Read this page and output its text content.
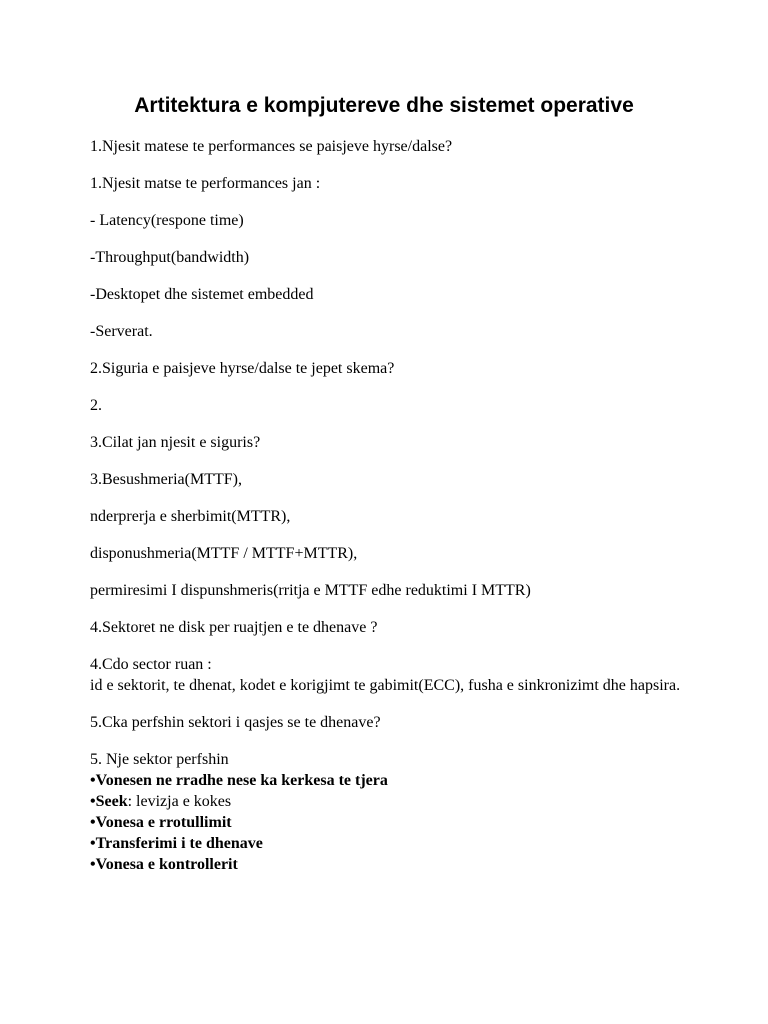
Artitektura e kompjutereve dhe sistemet operative

1.Njesit matese te performances se paisjeve hyrse/dalse?

1.Njesit matse te performances jan :

- Latency(respone time)

-Throughput(bandwidth)

-Desktopet dhe sistemet embedded

-Serverat.

2.Siguria e paisjeve hyrse/dalse te jepet skema?

2.

3.Cilat jan njesit e siguris?

3.Besushmeria(MTTF),

nderprerja e sherbimit(MTTR),

disponushmeria(MTTF / MTTF+MTTR),

permiresimi I dispunshmeris(rritja e MTTF edhe reduktimi I MTTR)

4.Sektoret ne disk per ruajtjen e te dhenave ?

4.Cdo sector ruan :
id e sektorit, te dhenat, kodet e korigjimt te gabimit(ECC), fusha e sinkronizimt dhe hapsira.

5.Cka perfshin sektori i qasjes se te dhenave?

5. Nje sektor perfshin
•Vonesen ne rradhe nese ka kerkesa te tjera
•Seek: levizja e kokes
•Vonesa e rrotullimit
•Transferimi i te dhenave
•Vonesa e kontrollerit
